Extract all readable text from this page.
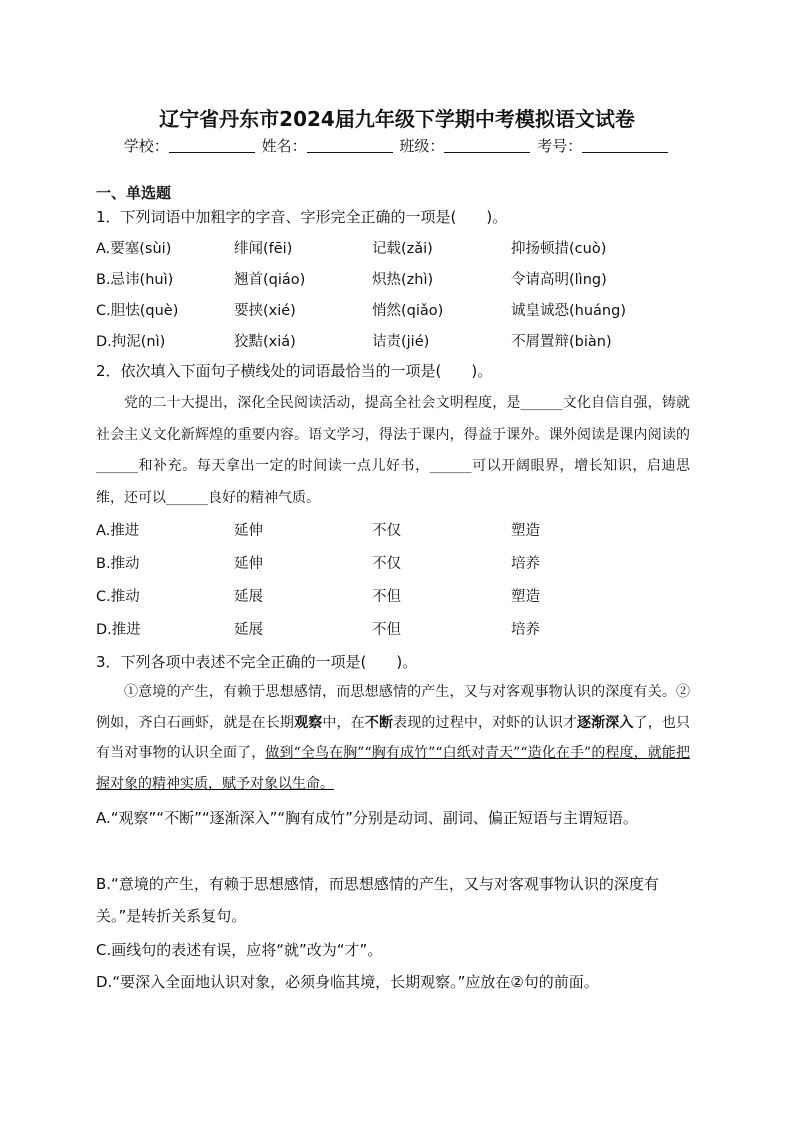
辽宁省丹东市2024届九年级下学期中考模拟语文试卷
学校：	姓名：	班级：	考号：
一、单选题
1．下列词语中加粗字的字音、字形完全正确的一项是(　　)。
A.要塞(sùi)	绯闻(fēi)	记载(zǎi)	抑扬顿措(cuò)
B.忌讳(huì)	翘首(qiáo)	炽热(zhì)	令请高明(lìng)
C.胆怯(què)	要挟(xié)	悄然(qiǎo)	诚皇诚恐(huáng)
D.拘泥(nì)	狡黠(xiá)	诘责(jié)	不屑置辩(biàn)
2．依次填入下面句子横线处的词语最恰当的一项是(　　)。
党的二十大提出，深化全民阅读活动，提高全社会文明程度，是______文化自信自强，铸就社会主义文化新辉煌的重要内容。语文学习，得法于课内，得益于课外。课外阅读是课内阅读的______和补充。每天拿出一定的时间读一点儿好书，______可以开阔眼界，增长知识，启迪思维，还可以______良好的精神气质。
A.推进	延伸	不仅	塑造
B.推动	延伸	不仅	培养
C.推动	延展	不但	塑造
D.推进	延展	不但	培养
3．下列各项中表述不完全正确的一项是(　　)。
①意境的产生，有赖于思想感情，而思想感情的产生，又与对客观事物认识的深度有关。②例如，齐白石画虾，就是在长期观察中，在不断表现的过程中，对虾的认识才逐渐深入了，也只有当对事物的认识全面了，做到“全鸟在胸”“胸有成竹”“白纸对青天”“造化在手”的程度，就能把握对象的精神实质，赋予对象以生命。
A.“观察”“不断”“逐渐深入”“胸有成竹”分别是动词、副词、偏正短语与主谓短语。
B.“意境的产生，有赖于思想感情，而思想感情的产生，又与对客观事物认识的深度有关。”是转折关系复句。
C.画线句的表述有误，应将“就”改为“才”。
D.“要深入全面地认识对象，必须身临其境，长期观察。”应放在②句的前面。
